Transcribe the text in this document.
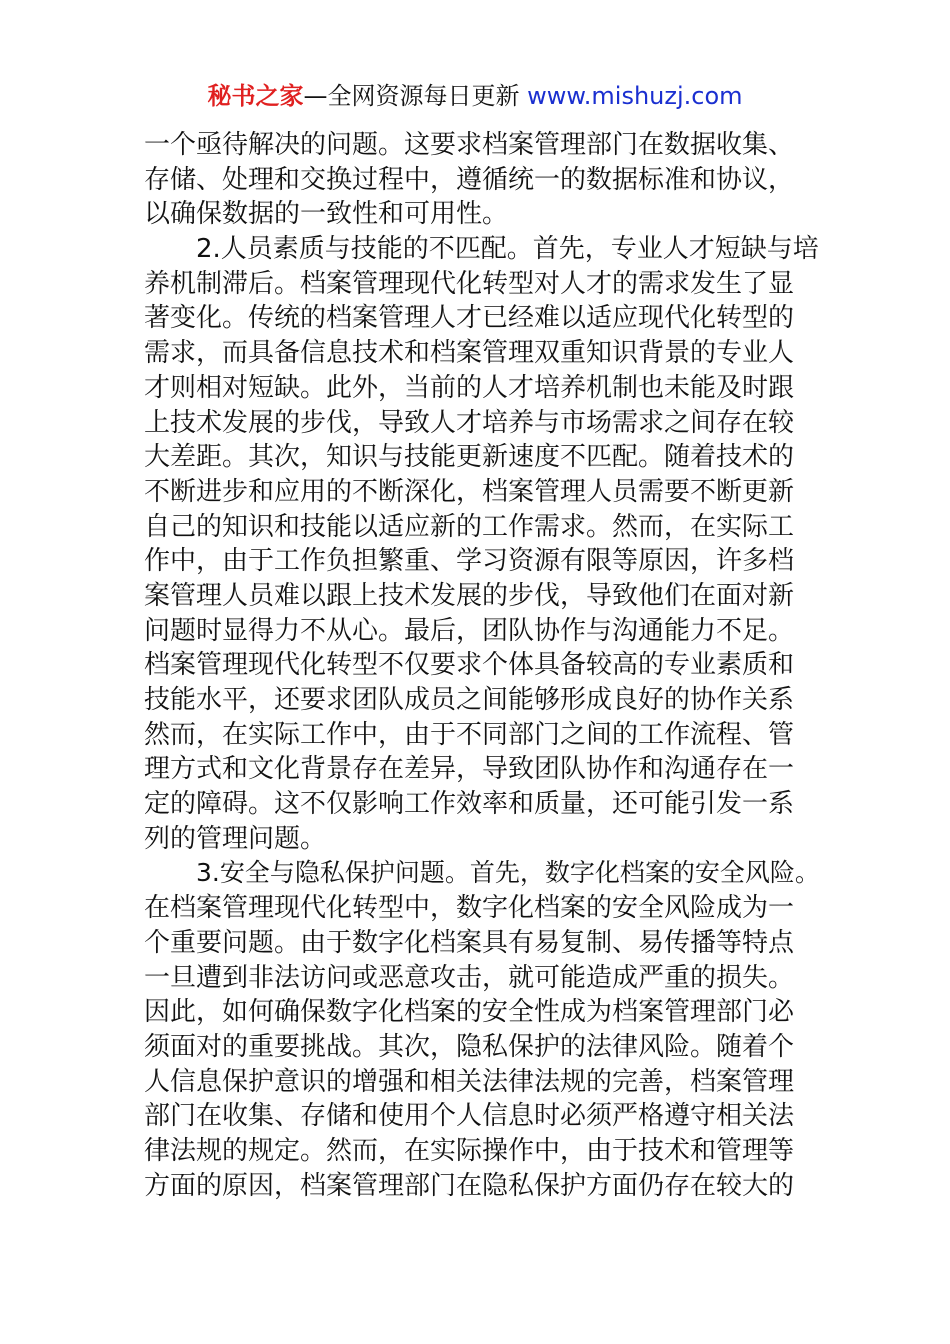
秘书之家—全网资源每日更新 www.mishuzj.com
一个亟待解决的问题。这要求档案管理部门在数据收集、
存储、处理和交换过程中，遵循统一的数据标准和协议，
以确保数据的一致性和可用性。
2.人员素质与技能的不匹配。首先，专业人才短缺与培
养机制滞后。档案管理现代化转型对人才的需求发生了显
著变化。传统的档案管理人才已经难以适应现代化转型的
需求，而具备信息技术和档案管理双重知识背景的专业人
才则相对短缺。此外，当前的人才培养机制也未能及时跟
上技术发展的步伐，导致人才培养与市场需求之间存在较
大差距。其次，知识与技能更新速度不匹配。随着技术的
不断进步和应用的不断深化，档案管理人员需要不断更新
自己的知识和技能以适应新的工作需求。然而，在实际工
作中，由于工作负担繁重、学习资源有限等原因，许多档
案管理人员难以跟上技术发展的步伐，导致他们在面对新
问题时显得力不从心。最后，团队协作与沟通能力不足。
档案管理现代化转型不仅要求个体具备较高的专业素质和
技能水平，还要求团队成员之间能够形成良好的协作关系
然而，在实际工作中，由于不同部门之间的工作流程、管
理方式和文化背景存在差异，导致团队协作和沟通存在一
定的障碍。这不仅影响工作效率和质量，还可能引发一系
列的管理问题。
3.安全与隐私保护问题。首先，数字化档案的安全风险。
在档案管理现代化转型中，数字化档案的安全风险成为一
个重要问题。由于数字化档案具有易复制、易传播等特点
一旦遭到非法访问或恶意攻击，就可能造成严重的损失。
因此，如何确保数字化档案的安全性成为档案管理部门必
须面对的重要挑战。其次，隐私保护的法律风险。随着个
人信息保护意识的增强和相关法律法规的完善，档案管理
部门在收集、存储和使用个人信息时必须严格遵守相关法
律法规的规定。然而，在实际操作中，由于技术和管理等
方面的原因，档案管理部门在隐私保护方面仍存在较大的
